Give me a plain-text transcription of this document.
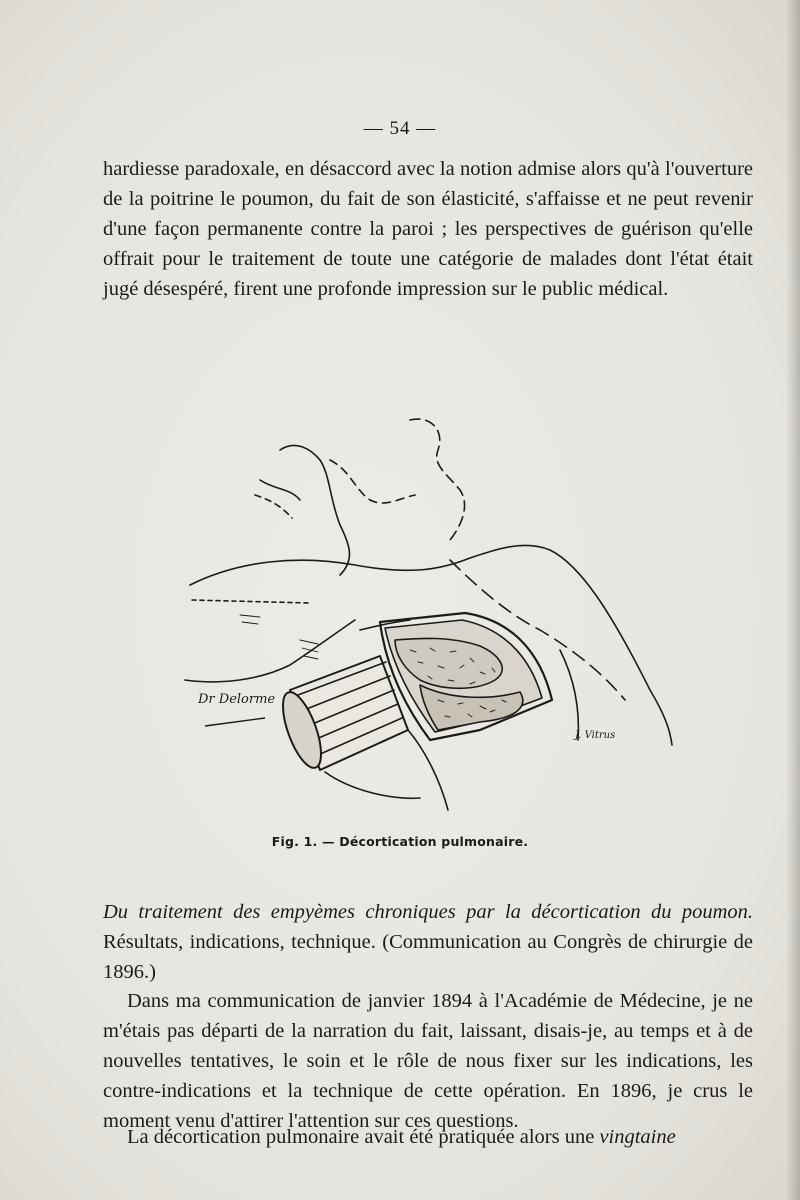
— 54 —

hardiesse paradoxale, en désaccord avec la notion admise alors qu'à l'ouverture de la poitrine le poumon, du fait de son élasticité, s'affaisse et ne peut revenir d'une façon permanente contre la paroi ; les perspectives de guérison qu'elle offrait pour le traitement de toute une catégorie de malades dont l'état était jugé désespéré, firent une profonde impression sur le public médical.

Dr Delorme
J. Vitrus
Fig. 1. — Décortication pulmonaire.

Du traitement des empyèmes chroniques par la décortication du poumon. Résultats, indications, technique. (Communication au Congrès de chirurgie de 1896.)

Dans ma communication de janvier 1894 à l'Académie de Médecine, je ne m'étais pas départi de la narration du fait, laissant, disais-je, au temps et à de nouvelles tentatives, le soin et le rôle de nous fixer sur les indications, les contre-indications et la technique de cette opération. En 1896, je crus le moment venu d'attirer l'attention sur ces questions.

La décortication pulmonaire avait été pratiquée alors une vingtaine
